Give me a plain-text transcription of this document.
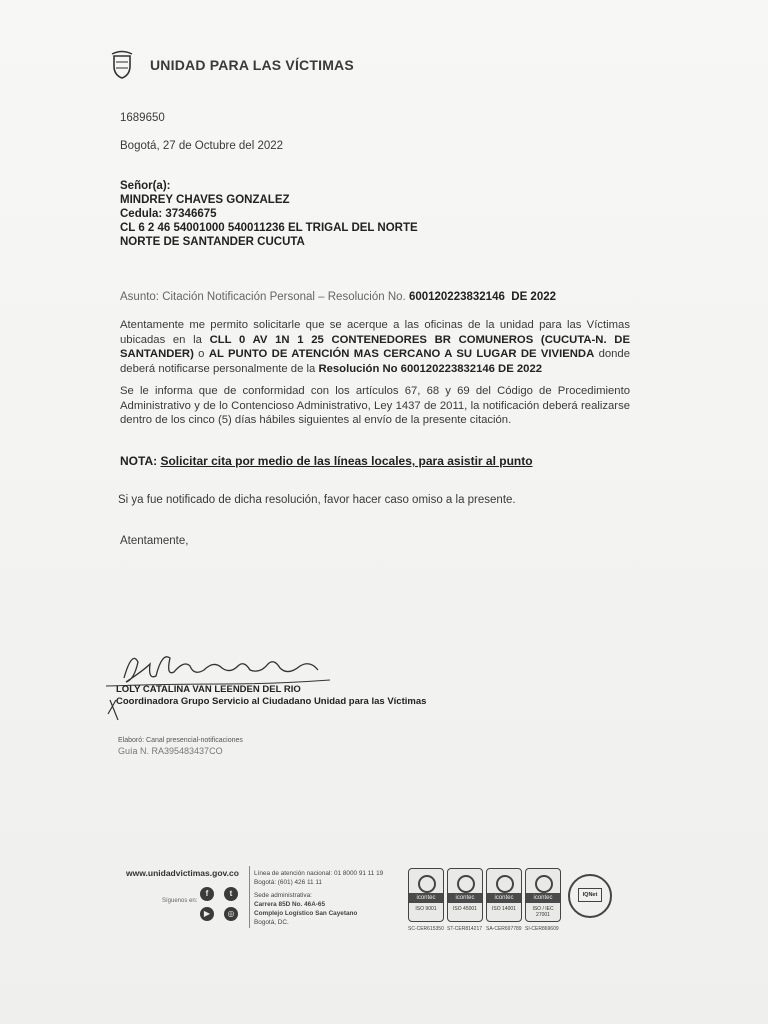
UNIDAD PARA LAS VÍCTIMAS
1689650
Bogotá, 27 de Octubre del 2022
Señor(a):
MINDREY CHAVES GONZALEZ
Cedula: 37346675
CL 6 2 46 54001000 540011236 EL TRIGAL DEL NORTE
NORTE DE SANTANDER CUCUTA
Asunto: Citación Notificación Personal – Resolución No. 600120223832146 DE 2022
Atentamente me permito solicitarle que se acerque a las oficinas de la unidad para las Víctimas ubicadas en la CLL 0 AV 1N 1 25 CONTENEDORES BR COMUNEROS (CUCUTA-N. DE SANTANDER) o AL PUNTO DE ATENCIÓN MAS CERCANO A SU LUGAR DE VIVIENDA donde deberá notificarse personalmente de la Resolución No 600120223832146 DE 2022
Se le informa que de conformidad con los artículos 67, 68 y 69 del Código de Procedimiento Administrativo y de lo Contencioso Administrativo, Ley 1437 de 2011, la notificación deberá realizarse dentro de los cinco (5) días hábiles siguientes al envío de la presente citación.
NOTA: Solicitar cita por medio de las líneas locales, para asistir al punto
Si ya fue notificado de dicha resolución, favor hacer caso omiso a la presente.
Atentamente,
LOLY CATALINA VAN LEENDEN DEL RIO
Coordinadora Grupo Servicio al Ciudadano Unidad para las Víctimas
Elaboró: Canal presencial-notificaciones
Guía N. RA395483437CO
www.unidadvictimas.gov.co
Síguenos en:
f	t
▶	◎
Línea de atención nacional: 01 8000 91 11 19
Bogotá: (601) 426 11 11
Sede administrativa:
Carrera 85D No. 46A-65
Complejo Logístico San Cayetano
Bogotá, DC.
icontec
ISO 9001
icontec
ISO 45001
icontec
ISO 14001
icontec
ISO / IEC 27001
SC-CER615350 ST-CER814217 SA-CER697789 SI-CER869609
IQNet
